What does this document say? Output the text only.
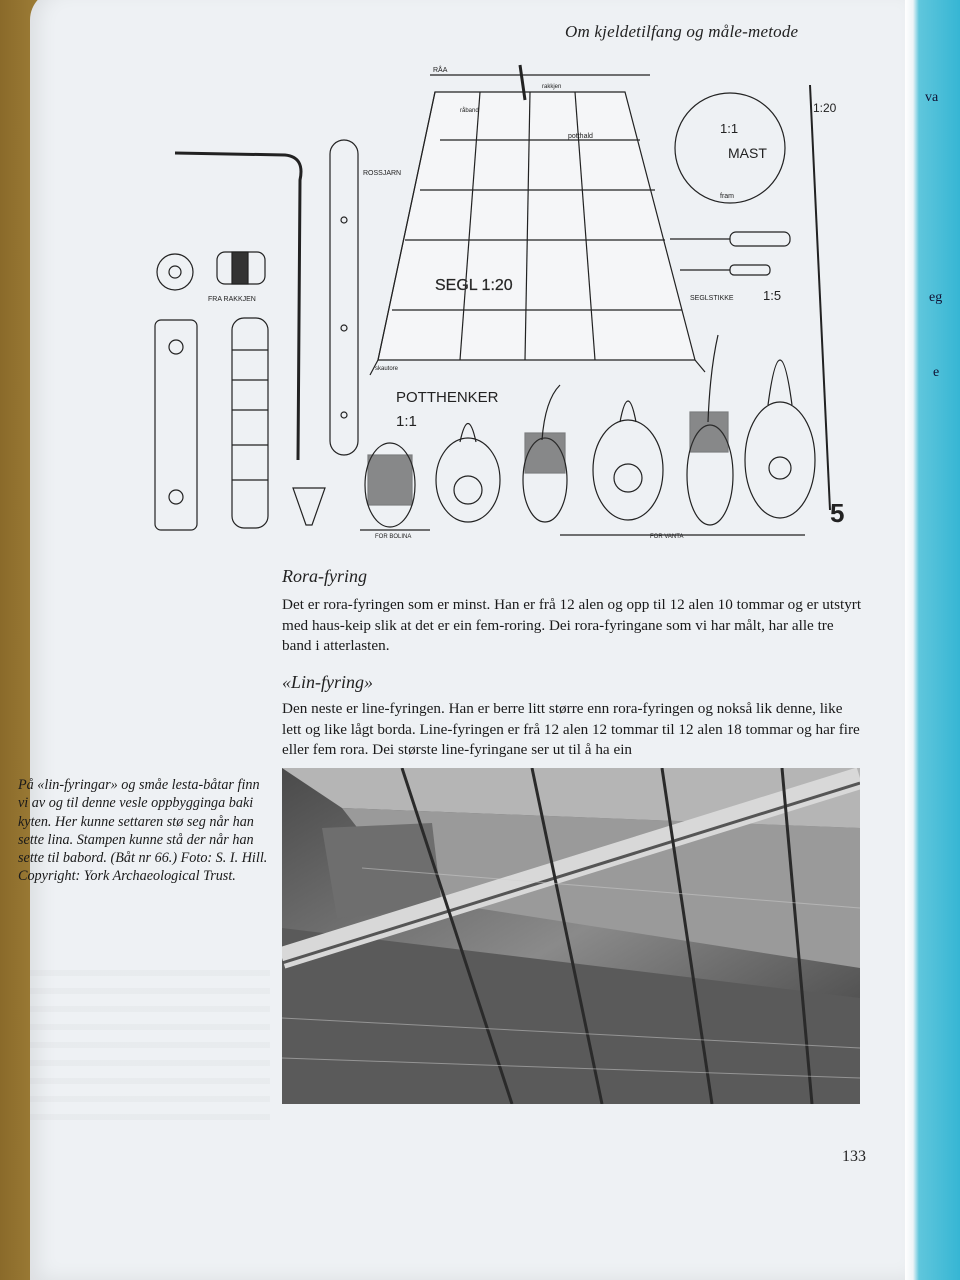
va
eg
e
Om kjeldetilfang og måle-metode
RÅA
rakkjen
råband
potthald
ROSSJARN
FRA RAKKJEN
SEGL 1:20
1:1
MAST
fram
1:20
SEGLSTIKKE 1:5
POTTHENKER
1:1
skautore
FOR BOLINA	FOR VANTA
5
Rora-fyring

Det er rora-fyringen som er minst. Han er frå 12 alen og opp til 12 alen 10 tommar og er utstyrt med haus-keip slik at det er ein fem-roring. Dei rora-fyringane som vi har målt, har alle tre band i atterlasten.

«Lin-fyring»

Den neste er line-fyringen. Han er berre litt større enn rora-fyringen og nokså lik denne, like lett og like lågt borda. Line-fyringen er frå 12 alen 12 tommar til 12 alen 18 tommar og har fire eller fem rora. Dei største line-fyringane ser ut til å ha ein

På «lin-fyringar» og småe lesta-båtar finn vi av og til denne vesle oppbygginga baki kyten. Her kunne settaren stø seg når han sette lina. Stampen kunne stå der når han sette til babord. (Båt nr 66.) Foto: S. I. Hill. Copyright: York Archaeological Trust.

133
